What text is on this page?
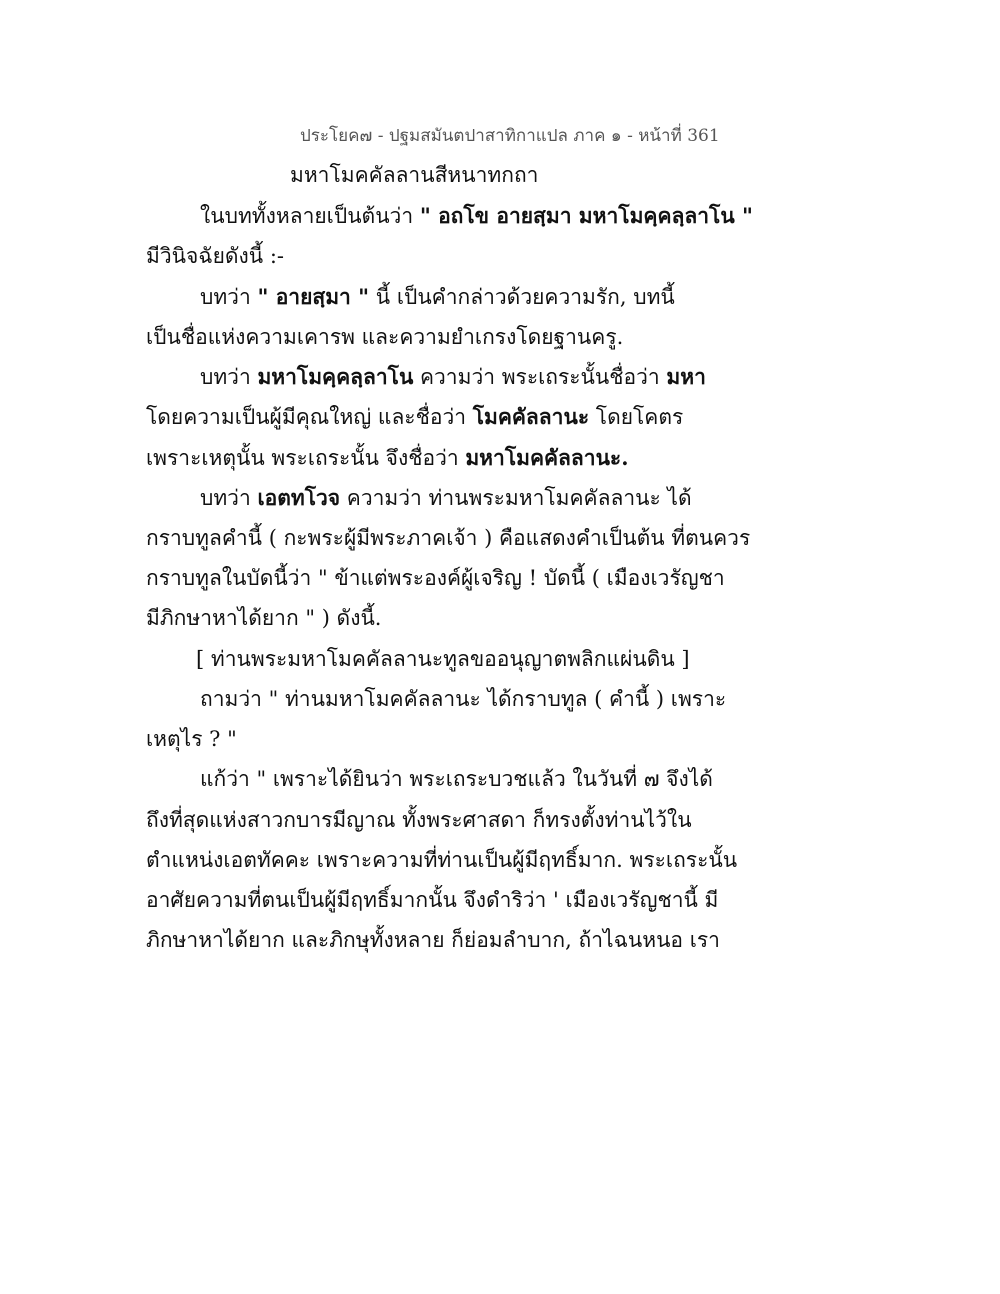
ประโยค๗ - ปฐมสมันตปาสาทิกาแปล ภาค ๑ - หน้าที่ 361

มหาโมคคัลลานสีหนาทกถา

ในบททั้งหลายเป็นต้นว่า " อถโข อายสฺมา มหาโมคฺคลฺลาโน "

มีวินิจฉัยดังนี้ :-

บทว่า " อายสฺมา " นี้ เป็นคำกล่าวด้วยความรัก, บทนี้

เป็นชื่อแห่งความเคารพ และความยำเกรงโดยฐานครู.

บทว่า มหาโมคฺคลฺลาโน ความว่า พระเถระนั้นชื่อว่า มหา

โดยความเป็นผู้มีคุณใหญ่ และชื่อว่า โมคคัลลานะ โดยโคตร

เพราะเหตุนั้น พระเถระนั้น จึงชื่อว่า มหาโมคคัลลานะ.

บทว่า เอตทโวจ ความว่า ท่านพระมหาโมคคัลลานะ ได้

กราบทูลคำนี้ ( กะพระผู้มีพระภาคเจ้า ) คือแสดงคำเป็นต้น ที่ตนควร

กราบทูลในบัดนี้ว่า " ข้าแต่พระองค์ผู้เจริญ ! บัดนี้ ( เมืองเวรัญชา

มีภิกษาหาได้ยาก " ) ดังนี้.

[ ท่านพระมหาโมคคัลลานะทูลขออนุญาตพลิกแผ่นดิน ]

ถามว่า " ท่านมหาโมคคัลลานะ ได้กราบทูล ( คำนี้ ) เพราะ

เหตุไร ? "

แก้ว่า " เพราะได้ยินว่า พระเถระบวชแล้ว ในวันที่ ๗ จึงได้

ถึงที่สุดแห่งสาวกบารมีญาณ ทั้งพระศาสดา ก็ทรงตั้งท่านไว้ใน

ตำแหน่งเอตทัคคะ เพราะความที่ท่านเป็นผู้มีฤทธิ์มาก. พระเถระนั้น

อาศัยความที่ตนเป็นผู้มีฤทธิ์มากนั้น จึงดำริว่า ' เมืองเวรัญชานี้ มี

ภิกษาหาได้ยาก และภิกษุทั้งหลาย ก็ย่อมลำบาก, ถ้าไฉนหนอ เรา
